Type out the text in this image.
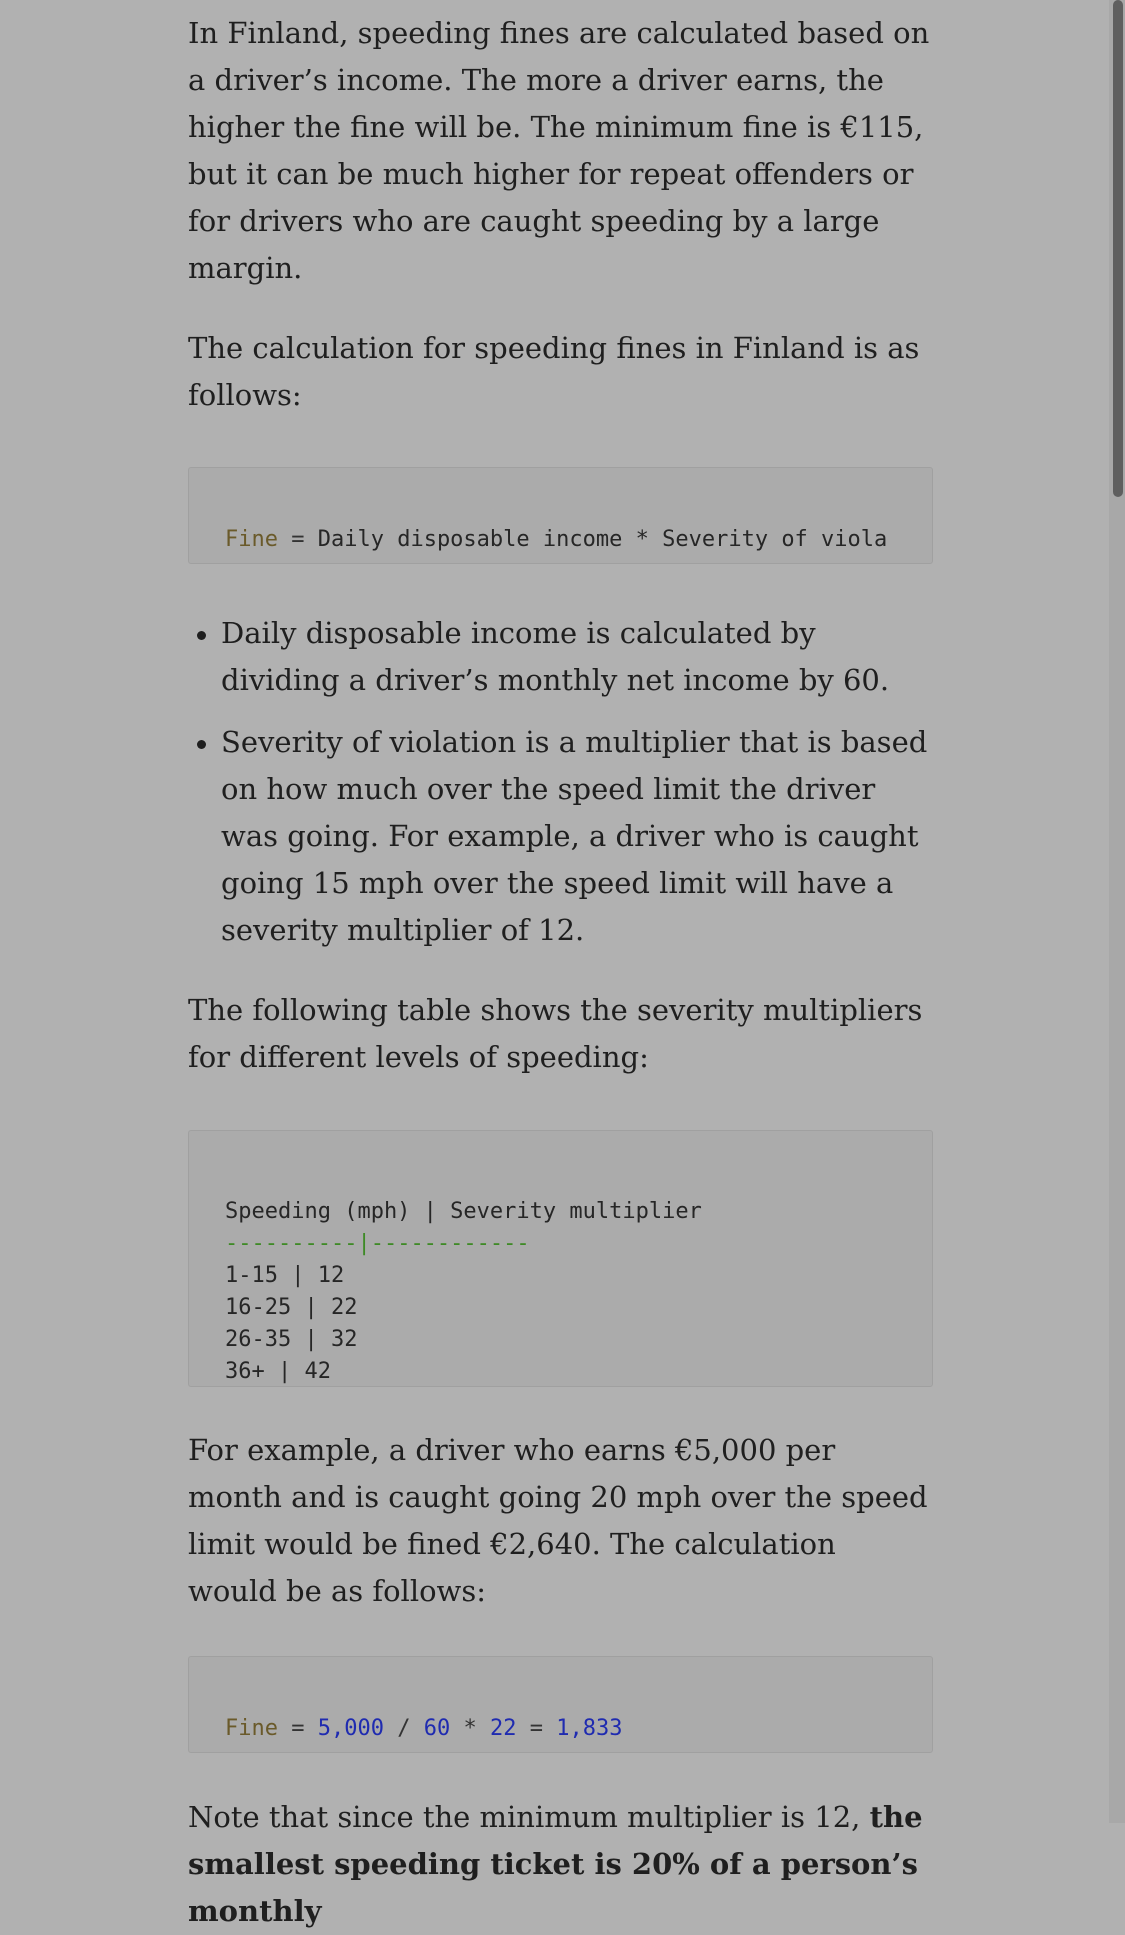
In Finland, speeding fines are calculated based on a driver’s income. The more a driver earns, the higher the fine will be. The minimum fine is €115, but it can be much higher for repeat offenders or for drivers who are caught speeding by a large margin.

The calculation for speeding fines in Finland is as follows:

Fine = Daily disposable income * Severity of viola

Daily disposable income is calculated by dividing a driver’s monthly net income by 60.
Severity of violation is a multiplier that is based on how much over the speed limit the driver was going. For example, a driver who is caught going 15 mph over the speed limit will have a severity multiplier of 12.

The following table shows the severity multipliers for different levels of speeding:

Speeding (mph) | Severity multiplier
----------|------------
1-15 | 12
16-25 | 22
26-35 | 32
36+ | 42

For example, a driver who earns €5,000 per month and is caught going 20 mph over the speed limit would be fined €2,640. The calculation would be as follows:

Fine = 5,000 / 60 * 22 = 1,833

Note that since the minimum multiplier is 12, the smallest speeding ticket is 20% of a person’s monthly
